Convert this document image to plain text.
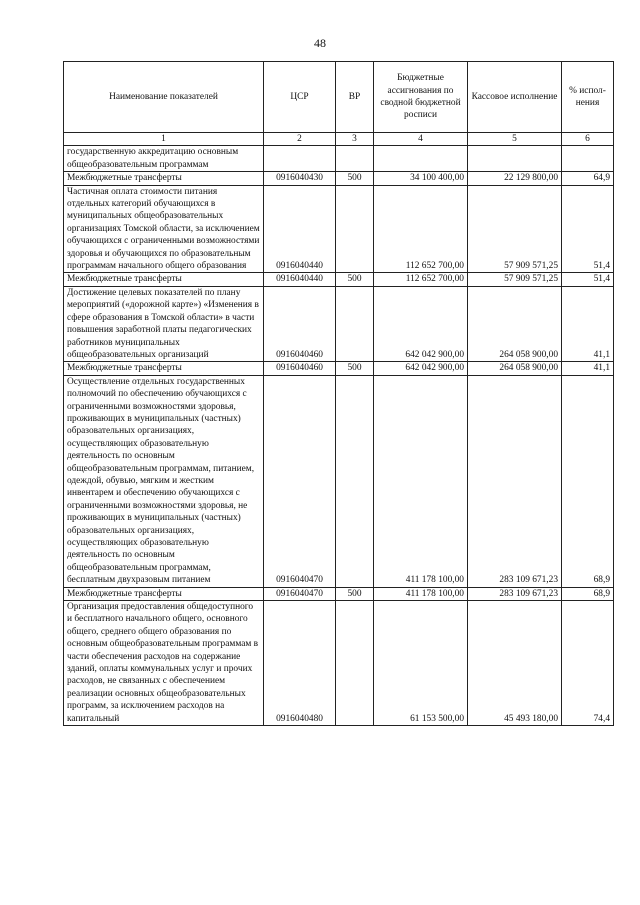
48
Наименование показателей	ЦСР	ВР	Бюджетные ассигнования по сводной бюджетной росписи	Кассовое исполнение	% испол-нения
1	2	3	4	5	6
государственную аккредитацию основным общеобразовательным программам					
Межбюджетные трансферты	0916040430	500	34 100 400,00	22 129 800,00	64,9
Частичная оплата стоимости питания отдельных категорий обучающихся в муниципальных общеобразовательных организациях Томской области, за исключением обучающихся с ограниченными возможностями здоровья и обучающихся по образовательным программам начального общего образования	0916040440		112 652 700,00	57 909 571,25	51,4
Межбюджетные трансферты	0916040440	500	112 652 700,00	57 909 571,25	51,4
Достижение целевых показателей по плану мероприятий («дорожной карте») «Изменения в сфере образования в Томской области» в части повышения заработной платы педагогических работников муниципальных общеобразовательных организаций	0916040460		642 042 900,00	264 058 900,00	41,1
Межбюджетные трансферты	0916040460	500	642 042 900,00	264 058 900,00	41,1
Осуществление отдельных государственных полномочий по обеспечению обучающихся с ограниченными возможностями здоровья, проживающих в муниципальных (частных) образовательных организациях, осуществляющих образовательную деятельность по основным общеобразовательным программам, питанием, одеждой, обувью, мягким и жестким инвентарем и обеспечению обучающихся с ограниченными возможностями здоровья, не проживающих в муниципальных (частных) образовательных организациях, осуществляющих образовательную деятельность по основным общеобразовательным программам, бесплатным двухразовым питанием	0916040470		411 178 100,00	283 109 671,23	68,9
Межбюджетные трансферты	0916040470	500	411 178 100,00	283 109 671,23	68,9
Организация предоставления общедоступного и бесплатного начального общего, основного общего, среднего общего образования по основным общеобразовательным программам в части обеспечения расходов на содержание зданий, оплаты коммунальных услуг и прочих расходов, не связанных с обеспечением реализации основных общеобразовательных программ, за исключением расходов на капитальный	0916040480		61 153 500,00	45 493 180,00	74,4
